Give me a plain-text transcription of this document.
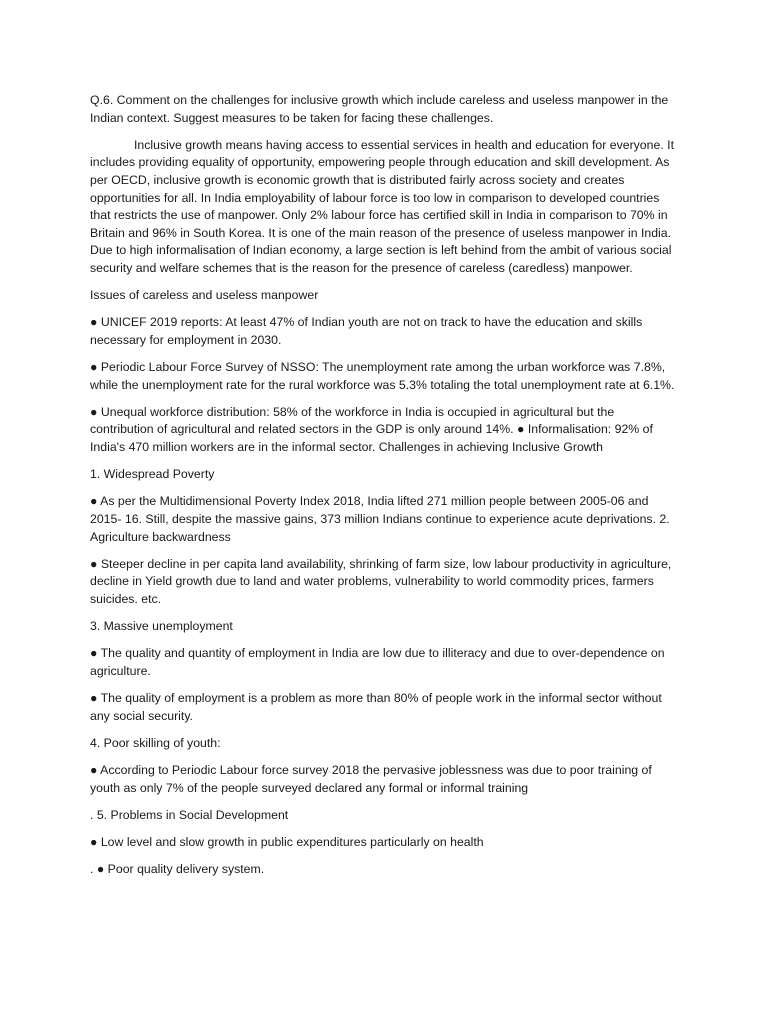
Q.6. Comment on the challenges for inclusive growth which include careless and useless manpower in the Indian context. Suggest measures to be taken for facing these challenges.

Inclusive growth means having access to essential services in health and education for everyone. It includes providing equality of opportunity, empowering people through education and skill development. As per OECD, inclusive growth is economic growth that is distributed fairly across society and creates opportunities for all. In India employability of labour force is too low in comparison to developed countries that restricts the use of manpower. Only 2% labour force has certified skill in India in comparison to 70% in Britain and 96% in South Korea. It is one of the main reason of the presence of useless manpower in India. Due to high informalisation of Indian economy, a large section is left behind from the ambit of various social security and welfare schemes that is the reason for the presence of careless (caredless) manpower.

Issues of careless and useless manpower

● UNICEF 2019 reports: At least 47% of Indian youth are not on track to have the education and skills necessary for employment in 2030.

● Periodic Labour Force Survey of NSSO: The unemployment rate among the urban workforce was 7.8%, while the unemployment rate for the rural workforce was 5.3% totaling the total unemployment rate at 6.1%.

● Unequal workforce distribution: 58% of the workforce in India is occupied in agricultural but the contribution of agricultural and related sectors in the GDP is only around 14%. ● Informalisation: 92% of India's 470 million workers are in the informal sector. Challenges in achieving Inclusive Growth

1. Widespread Poverty

● As per the Multidimensional Poverty Index 2018, India lifted 271 million people between 2005-06 and 2015- 16. Still, despite the massive gains, 373 million Indians continue to experience acute deprivations. 2. Agriculture backwardness

● Steeper decline in per capita land availability, shrinking of farm size, low labour productivity in agriculture, decline in Yield growth due to land and water problems, vulnerability to world commodity prices, farmers suicides. etc.

3. Massive unemployment

● The quality and quantity of employment in India are low due to illiteracy and due to over-dependence on agriculture.

● The quality of employment is a problem as more than 80% of people work in the informal sector without any social security.

4. Poor skilling of youth:

● According to Periodic Labour force survey 2018 the pervasive joblessness was due to poor training of youth as only 7% of the people surveyed declared any formal or informal training

. 5. Problems in Social Development

● Low level and slow growth in public expenditures particularly on health

. ● Poor quality delivery system.
